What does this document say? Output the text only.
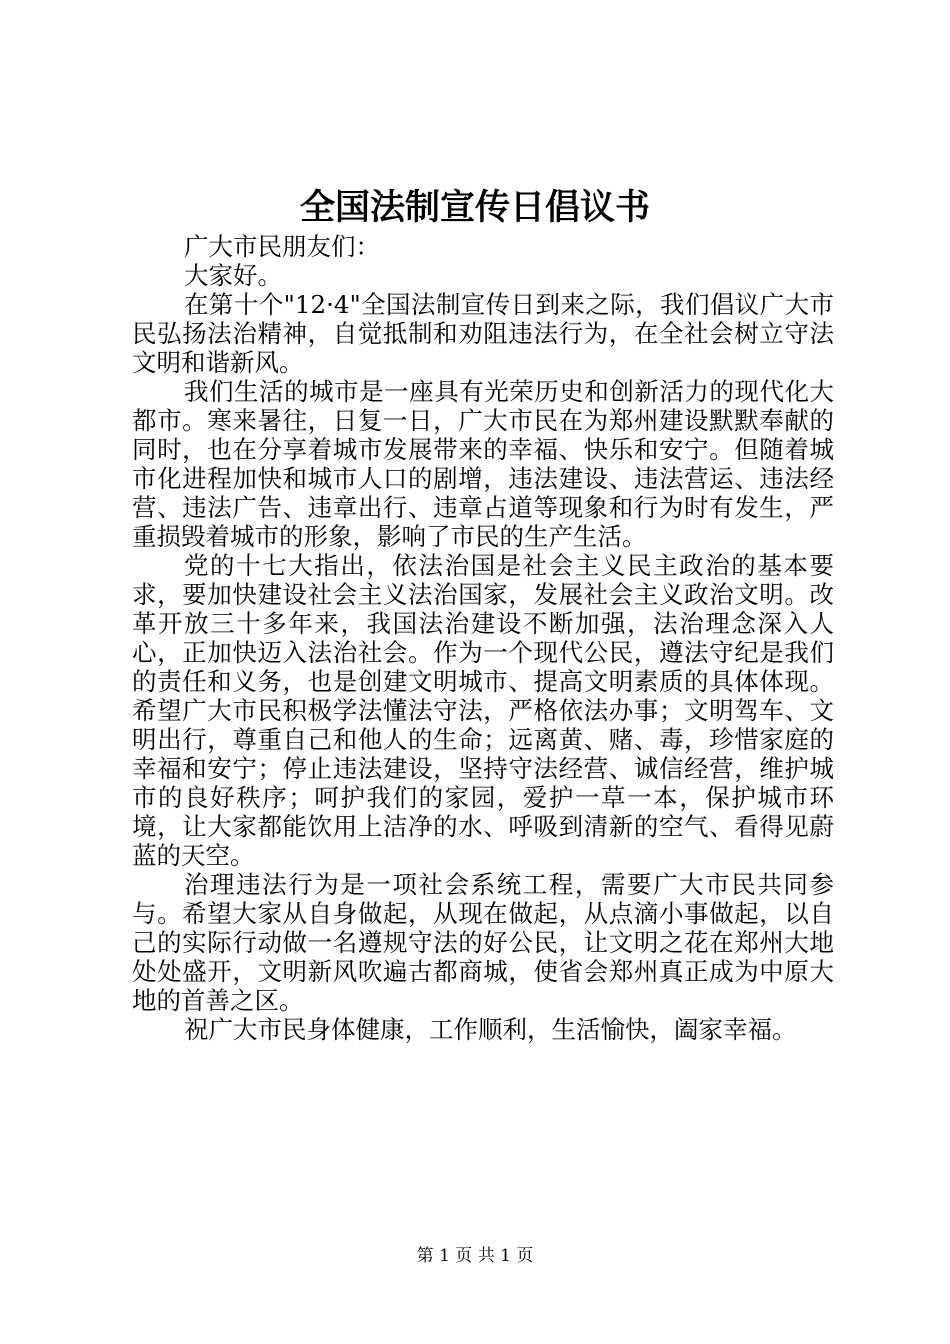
全国法制宣传日倡议书

广大市民朋友们：

大家好。

在第十个"12·4"全国法制宣传日到来之际，我们倡议广大市民弘扬法治精神，自觉抵制和劝阻违法行为，在全社会树立守法文明和谐新风。

我们生活的城市是一座具有光荣历史和创新活力的现代化大都市。寒来暑往，日复一日，广大市民在为郑州建设默默奉献的同时，也在分享着城市发展带来的幸福、快乐和安宁。但随着城市化进程加快和城市人口的剧增，违法建设、违法营运、违法经营、违法广告、违章出行、违章占道等现象和行为时有发生，严重损毁着城市的形象，影响了市民的生产生活。

党的十七大指出，依法治国是社会主义民主政治的基本要求，要加快建设社会主义法治国家，发展社会主义政治文明。改革开放三十多年来，我国法治建设不断加强，法治理念深入人心，正加快迈入法治社会。作为一个现代公民，遵法守纪是我们的责任和义务，也是创建文明城市、提高文明素质的具体体现。希望广大市民积极学法懂法守法，严格依法办事；文明驾车、文明出行，尊重自己和他人的生命；远离黄、赌、毒，珍惜家庭的幸福和安宁；停止违法建设，坚持守法经营、诚信经营，维护城市的良好秩序；呵护我们的家园，爱护一草一本，保护城市环境，让大家都能饮用上洁净的水、呼吸到清新的空气、看得见蔚蓝的天空。

治理违法行为是一项社会系统工程，需要广大市民共同参与。希望大家从自身做起，从现在做起，从点滴小事做起，以自己的实际行动做一名遵规守法的好公民，让文明之花在郑州大地处处盛开，文明新风吹遍古都商城，使省会郑州真正成为中原大地的首善之区。

祝广大市民身体健康，工作顺利，生活愉快，阖家幸福。

第 1 页 共 1 页
